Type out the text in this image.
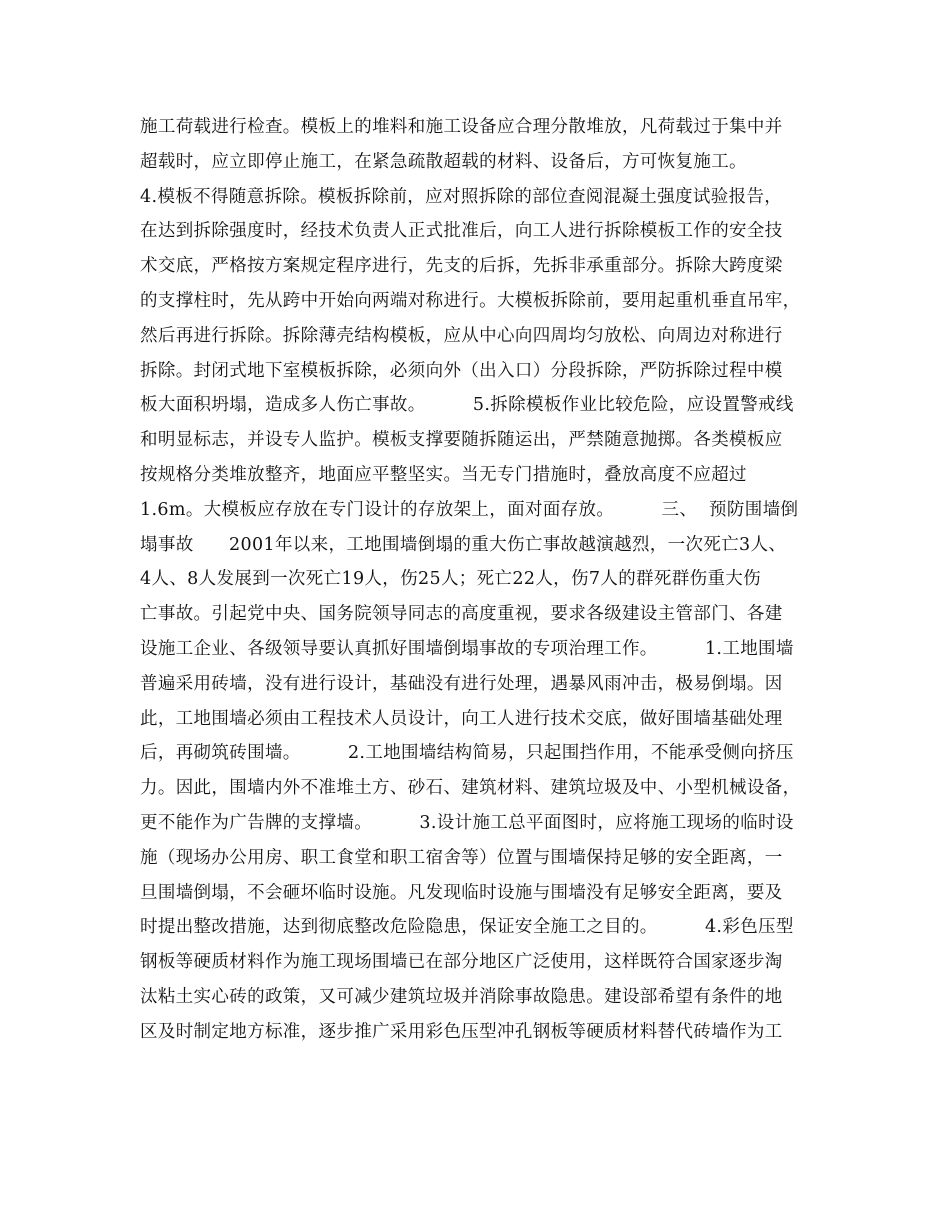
施工荷载进行检查。模板上的堆料和施工设备应合理分散堆放，凡荷载过于集中并
超载时，应立即停止施工，在紧急疏散超载的材料、设备后，方可恢复施工。
4.模板不得随意拆除。模板拆除前，应对照拆除的部位查阅混凝土强度试验报告，
在达到拆除强度时，经技术负责人正式批准后，向工人进行拆除模板工作的安全技
术交底，严格按方案规定程序进行，先支的后拆，先拆非承重部分。拆除大跨度梁
的支撑柱时，先从跨中开始向两端对称进行。大模板拆除前，要用起重机垂直吊牢，
然后再进行拆除。拆除薄壳结构模板，应从中心向四周均匀放松、向周边对称进行
拆除。封闭式地下室模板拆除，必须向外（出入口）分段拆除，严防拆除过程中模
板大面积坍塌，造成多人伤亡事故。        5.拆除模板作业比较危险，应设置警戒线
和明显标志，并设专人监护。模板支撑要随拆随运出，严禁随意抛掷。各类模板应
按规格分类堆放整齐，地面应平整坚实。当无专门措施时，叠放高度不应超过
1.6m。大模板应存放在专门设计的存放架上，面对面存放。        三、  预防围墙倒
塌事故      2001年以来，工地围墙倒塌的重大伤亡事故越演越烈，一次死亡3人、
4人、8人发展到一次死亡19人，伤25人；死亡22人，伤7人的群死群伤重大伤
亡事故。引起党中央、国务院领导同志的高度重视，要求各级建设主管部门、各建
设施工企业、各级领导要认真抓好围墙倒塌事故的专项治理工作。        1.工地围墙
普遍采用砖墙，没有进行设计，基础没有进行处理，遇暴风雨冲击，极易倒塌。因
此，工地围墙必须由工程技术人员设计，向工人进行技术交底，做好围墙基础处理
后，再砌筑砖围墙。        2.工地围墙结构简易，只起围挡作用，不能承受侧向挤压
力。因此，围墙内外不准堆土方、砂石、建筑材料、建筑垃圾及中、小型机械设备，
更不能作为广告牌的支撑墙。        3.设计施工总平面图时，应将施工现场的临时设
施（现场办公用房、职工食堂和职工宿舍等）位置与围墙保持足够的安全距离，一
旦围墙倒塌，不会砸坏临时设施。凡发现临时设施与围墙没有足够安全距离，要及
时提出整改措施，达到彻底整改危险隐患，保证安全施工之目的。        4.彩色压型
钢板等硬质材料作为施工现场围墙已在部分地区广泛使用，这样既符合国家逐步淘
汰粘土实心砖的政策，又可减少建筑垃圾并消除事故隐患。建设部希望有条件的地
区及时制定地方标准，逐步推广采用彩色压型冲孔钢板等硬质材料替代砖墙作为工
